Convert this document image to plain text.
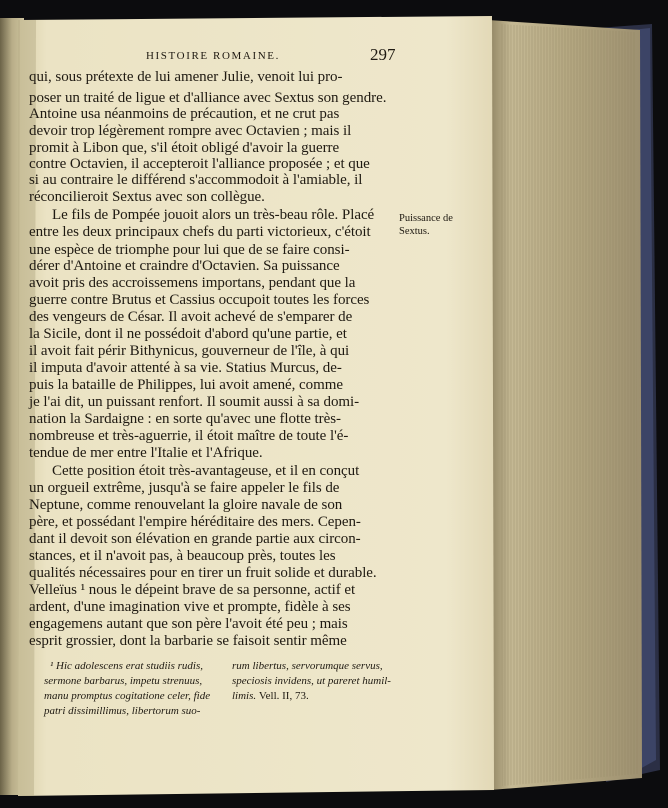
HISTOIRE ROMAINE.	297
qui, sous prétexte de lui amener Julie, venoit lui pro-
poser un traité de ligue et d'alliance avec Sextus son gendre.
Antoine usa néanmoins de précaution, et ne crut pas
devoir trop légèrement rompre avec Octavien ; mais il
promit à Libon que, s'il étoit obligé d'avoir la guerre
contre Octavien, il accepteroit l'alliance proposée ; et que
si au contraire le différend s'accommodoit à l'amiable, il
réconcilieroit Sextus avec son collègue.
Le fils de Pompée jouoit alors un très-beau rôle. Placé
entre les deux principaux chefs du parti victorieux, c'étoit
une espèce de triomphe pour lui que de se faire consi-
dérer d'Antoine et craindre d'Octavien. Sa puissance
avoit pris des accroissemens importans, pendant que la
guerre contre Brutus et Cassius occupoit toutes les forces
des vengeurs de César. Il avoit achevé de s'emparer de
la Sicile, dont il ne possédoit d'abord qu'une partie, et
il avoit fait périr Bithynicus, gouverneur de l'île, à qui
il imputa d'avoir attenté à sa vie. Statius Murcus, de-
puis la bataille de Philippes, lui avoit amené, comme
je l'ai dit, un puissant renfort. Il soumit aussi à sa domi-
nation la Sardaigne : en sorte qu'avec une flotte très-
nombreuse et très-aguerrie, il étoit maître de toute l'é-
tendue de mer entre l'Italie et l'Afrique.
Cette position étoit très-avantageuse, et il en conçut
un orgueil extrême, jusqu'à se faire appeler le fils de
Neptune, comme renouvelant la gloire navale de son
père, et possédant l'empire héréditaire des mers. Cepen-
dant il devoit son élévation en grande partie aux circon-
stances, et il n'avoit pas, à beaucoup près, toutes les
qualités nécessaires pour en tirer un fruit solide et durable.
Velleïus ¹ nous le dépeint brave de sa personne, actif et
ardent, d'une imagination vive et prompte, fidèle à ses
engagemens autant que son père l'avoit été peu ; mais
esprit grossier, dont la barbarie se faisoit sentir même
Puissance de
Sextus.
¹ Hic adolescens erat studiis rudis,
sermone barbarus, impetu strenuus,
manu promptus cogitatione celer, fide
patri dissimillimus, libertorum suo-
rum libertus, servorumque servus,
speciosis invidens, ut pareret humil-
limis. Vell. II, 73.
